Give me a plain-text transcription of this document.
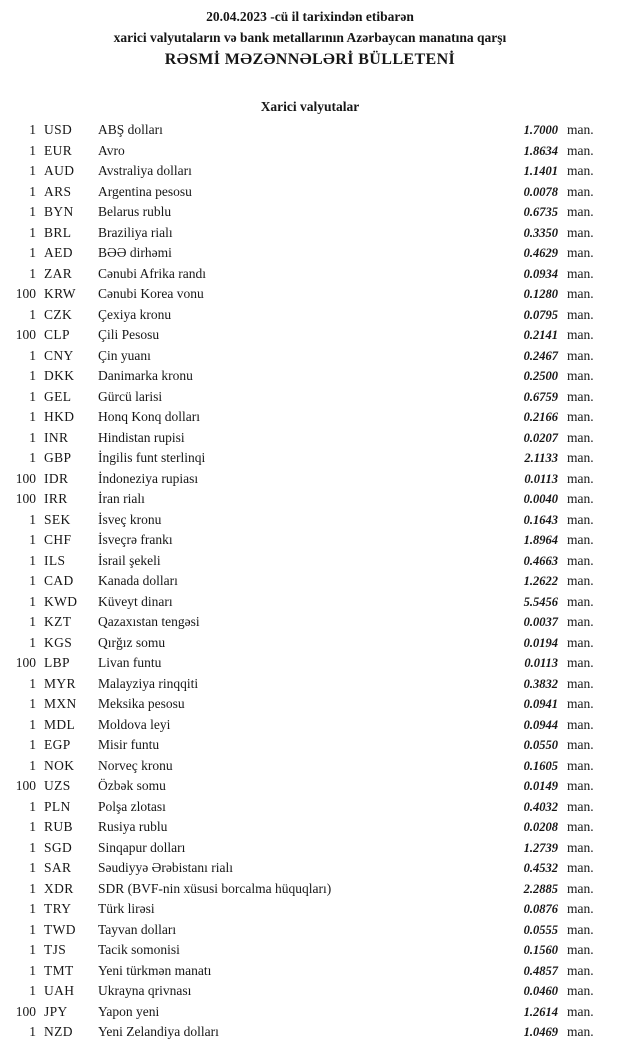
20.04.2023 -cü il tarixindən etibarən
xarici valyutaların və bank metallarının Azərbaycan manatına qarşı
RƏSMİ MƏZƏNNƏLƏRİ BÜLLETENİ
Xarici valyutalar
1 USD	ABŞ dolları	1.7000 man.
1 EUR	Avro	1.8634 man.
1 AUD	Avstraliya dolları	1.1401 man.
1 ARS	Argentina pesosu	0.0078 man.
1 BYN	Belarus rublu	0.6735 man.
1 BRL	Braziliya rialı	0.3350 man.
1 AED	BƏƏ dirhəmi	0.4629 man.
1 ZAR	Cənubi Afrika randı	0.0934 man.
100 KRW	Cənubi Korea vonu	0.1280 man.
1 CZK	Çexiya kronu	0.0795 man.
100 CLP	Çili Pesosu	0.2141 man.
1 CNY	Çin yuanı	0.2467 man.
1 DKK	Danimarka kronu	0.2500 man.
1 GEL	Gürcü larisi	0.6759 man.
1 HKD	Honq Konq dolları	0.2166 man.
1 INR	Hindistan rupisi	0.0207 man.
1 GBP	İngilis funt sterlinqi	2.1133 man.
100 IDR	İndoneziya rupiası	0.0113 man.
100 IRR	İran rialı	0.0040 man.
1 SEK	İsveç kronu	0.1643 man.
1 CHF	İsveçrə frankı	1.8964 man.
1 ILS	İsrail şekeli	0.4663 man.
1 CAD	Kanada dolları	1.2622 man.
1 KWD	Küveyt dinarı	5.5456 man.
1 KZT	Qazaxıstan tengəsi	0.0037 man.
1 KGS	Qırğız somu	0.0194 man.
100 LBP	Livan funtu	0.0113 man.
1 MYR	Malayziya rinqqiti	0.3832 man.
1 MXN	Meksika pesosu	0.0941 man.
1 MDL	Moldova leyi	0.0944 man.
1 EGP	Misir funtu	0.0550 man.
1 NOK	Norveç kronu	0.1605 man.
100 UZS	Özbək somu	0.0149 man.
1 PLN	Polşa zlotası	0.4032 man.
1 RUB	Rusiya rublu	0.0208 man.
1 SGD	Sinqapur dolları	1.2739 man.
1 SAR	Səudiyyə Ərəbistanı rialı	0.4532 man.
1 XDR	SDR (BVF-nin xüsusi borcalma hüquqları)	2.2885 man.
1 TRY	Türk lirəsi	0.0876 man.
1 TWD	Tayvan dolları	0.0555 man.
1 TJS	Tacik somonisi	0.1560 man.
1 TMT	Yeni türkmən manatı	0.4857 man.
1 UAH	Ukrayna qrivnası	0.0460 man.
100 JPY	Yapon yeni	1.2614 man.
1 NZD	Yeni Zelandiya dolları	1.0469 man.
